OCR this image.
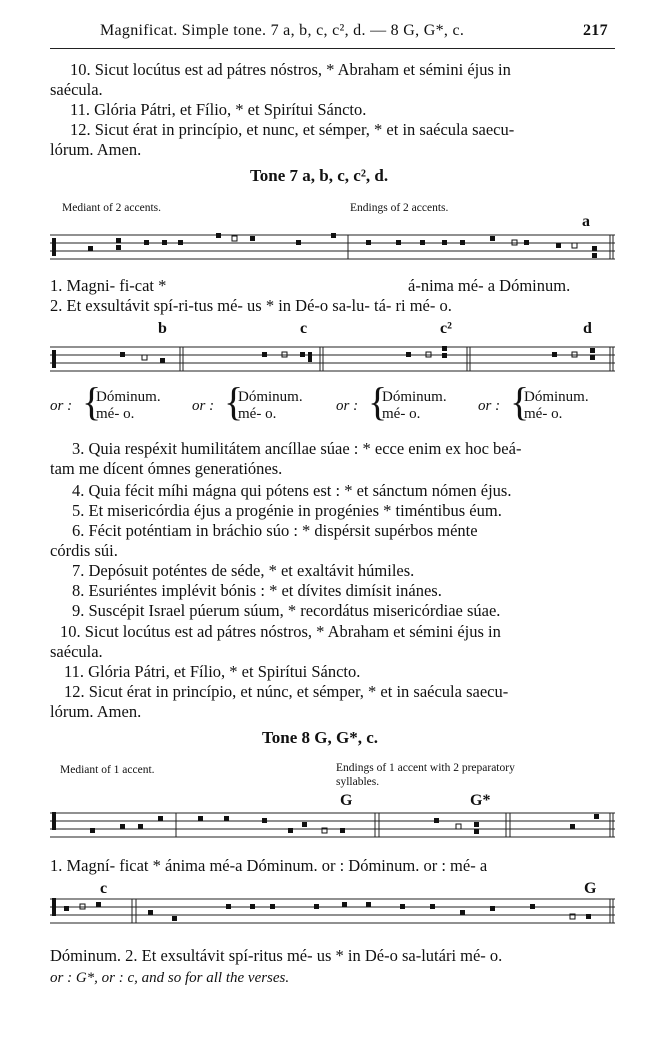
Magnificat. Simple tone. 7 a, b, c, c², d. — 8 G, G*, c.	217
10. Sicut locútus est ad pátres nóstros, * Abraham et sémini éjus in
saécula.
11. Glória Pátri, et Fílio, * et Spirítui Sáncto.
12. Sicut érat in princípio, et nunc, et sémper, * et in saécula saecu-
lórum. Amen.
Tone 7 a, b, c, c², d.
Mediant of 2 accents.	Endings of 2 accents.
a
1. Magni- fi-cat *	á-nima mé- a Dóminum.
2. Et exsultávit spí-ri-tus mé- us * in Dé-o sa-lu- tá- ri mé- o.
b	c	c²	d
or : {
Dóminum.
mé- o.	or : {
Dóminum.
mé- o.	or : {
Dóminum.
mé- o.	or : {
Dóminum.
mé- o.
3. Quia respéxit humilitátem ancíllae súae : * ecce enim ex hoc beá-
tam me dícent ómnes generatiónes.
4. Quia fécit míhi mágna qui pótens est : * et sánctum nómen éjus.
5. Et misericórdia éjus a progénie in progénies * timéntibus éum.
6. Fécit poténtiam in bráchio súo : * dispérsit supérbos ménte
córdis súi.
7. Depósuit poténtes de séde, * et exaltávit húmiles.
8. Esuriéntes implévit bónis : * et dívites dimísit inánes.
9. Suscépit Israel púerum súum, * recordátus misericórdiae súae.
10. Sicut locútus est ad pátres nóstros, * Abraham et sémini éjus in
saécula.
11. Glória Pátri, et Fílio, * et Spirítui Sáncto.
12. Sicut érat in princípio, et núnc, et sémper, * et in saécula saecu-
lórum. Amen.
Tone 8 G, G*, c.
Mediant of 1 accent.	Endings of 1 accent with 2 preparatory
syllables.
G	G*
1. Magní- ficat * ánima mé-a Dóminum. or : Dóminum. or : mé- a
c	G
Dóminum. 2. Et exsultávit spí-ritus mé- us * in Dé-o sa-lutári mé- o.
or : G*, or : c, and so for all the verses.
